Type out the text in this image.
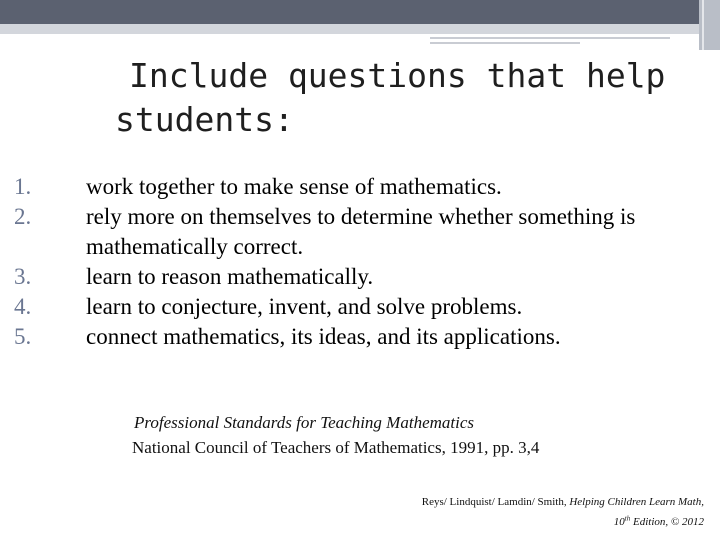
Include questions that help students:
1.	work together to make sense of mathematics.
2.	rely more on themselves to determine whether something is mathematically correct.
3.	learn to reason mathematically.
4.	learn to conjecture, invent, and solve problems.
5.	connect mathematics, its ideas, and its applications.
Professional Standards for Teaching Mathematics
National Council of Teachers of Mathematics, 1991, pp. 3,4
Reys/ Lindquist/ Lamdin/ Smith, Helping Children Learn Math,
10th Edition, © 2012
